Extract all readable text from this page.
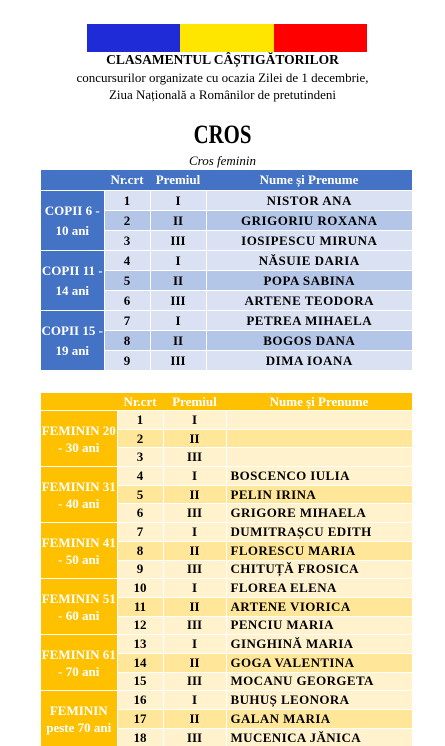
CLASAMENTUL CÂȘTIGĂTORILOR
concursurilor organizate cu ocazia Zilei de 1 decembrie,
Ziua Națională a Românilor de pretutindeni
CROS
Cros feminin
	Nr.crt	Premiul	Nume și Prenume
COPII 6 - 10 ani	1	I	NISTOR ANA
	2	II	GRIGORIU ROXANA
	3	III	IOSIPESCU MIRUNA
COPII 11 - 14 ani	4	I	NĂSUIE DARIA
	5	II	POPA SABINA
	6	III	ARTENE TEODORA
COPII 15 - 19 ani	7	I	PETREA MIHAELA
	8	II	BOGOS DANA
	9	III	DIMA IOANA
	Nr.crt	Premiul	Nume și Prenume
FEMININ 20 - 30 ani	1	I	
	2	II	
	3	III	
FEMININ 31 - 40 ani	4	I	BOSCENCO IULIA
	5	II	PELIN IRINA
	6	III	GRIGORE MIHAELA
FEMININ 41 - 50 ani	7	I	DUMITRAȘCU EDITH
	8	II	FLORESCU MARIA
	9	III	CHITUȚĂ FROSICA
FEMININ 51 - 60 ani	10	I	FLOREA ELENA
	11	II	ARTENE VIORICA
	12	III	PENCIU MARIA
FEMININ 61 - 70 ani	13	I	GINGHINĂ MARIA
	14	II	GOGA VALENTINA
	15	III	MOCANU GEORGETA
FEMININ peste 70 ani	16	I	BUHUȘ LEONORA
	17	II	GALAN MARIA
	18	III	MUCENICA JĂNICA
